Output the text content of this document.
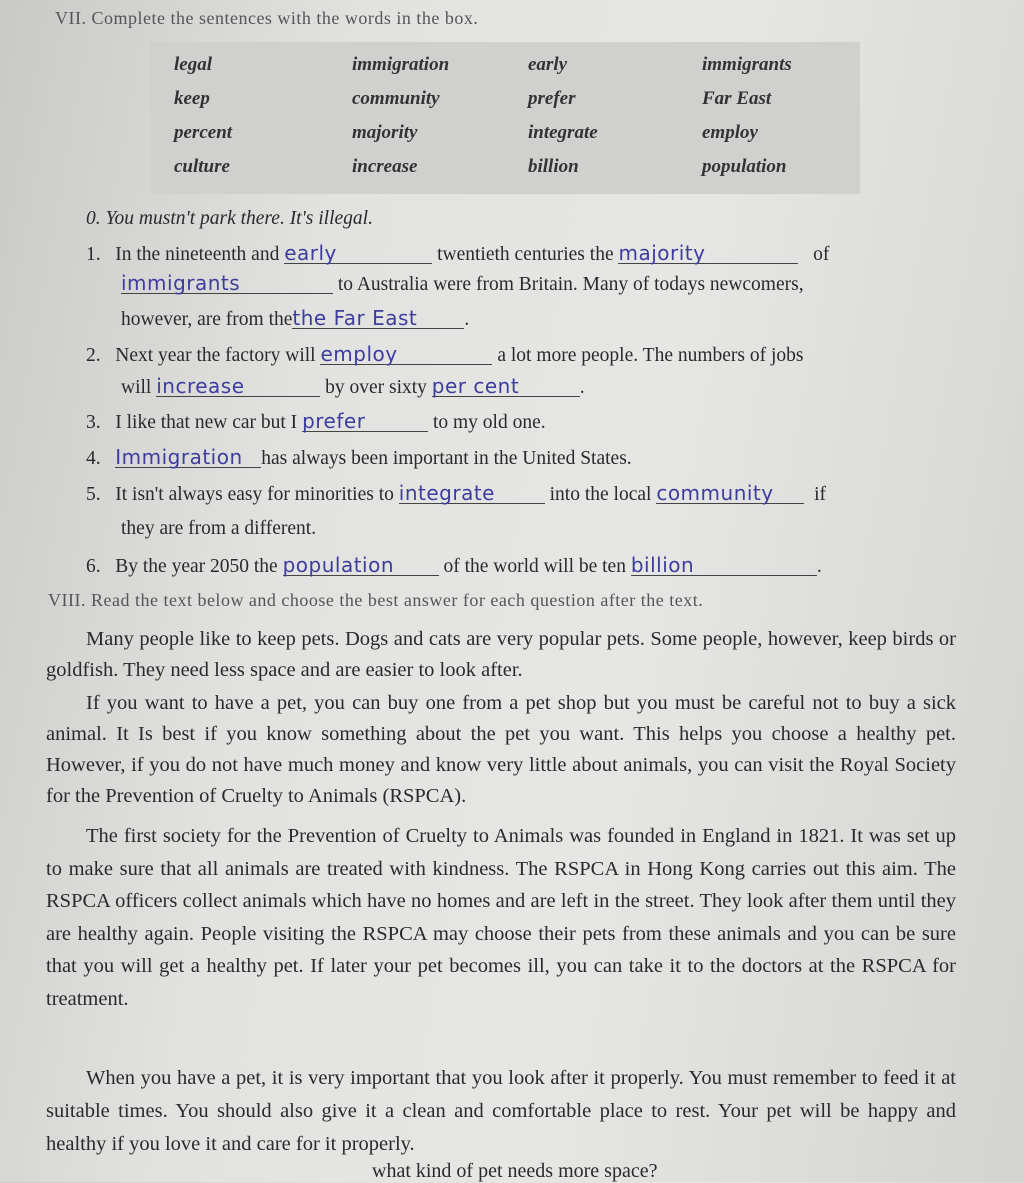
VII. Complete the sentences with the words in the box.
legal	immigration	early	immigrants
keep	community	prefer	Far East
percent	majority	integrate	employ
culture	increase	billion	population
0. You mustn't park there. It's illegal.
1. In the nineteenth and early	twentieth centuries the majority	of
immigrants	to Australia were from Britain. Many of todays newcomers,
however, are from thethe Far East .
2. Next year the factory will employ	a lot more people. The numbers of jobs
will increase	by over sixty per cent	.
3. I like that new car but I prefer	to my old one.
4. Immigration has always been important in the United States.
5. It isn't always easy for minorities to integrate	into the local community if
they are from a different.
6. By the year 2050 the population	of the world will be ten billion	.
VIII. Read the text below and choose the best answer for each question after the text.
Many people like to keep pets. Dogs and cats are very popular pets. Some people, however, keep birds or goldfish. They need less space and are easier to look after.
If you want to have a pet, you can buy one from a pet shop but you must be careful not to buy a sick animal. It Is best if you know something about the pet you want. This helps you choose a healthy pet. However, if you do not have much money and know very little about animals, you can visit the Royal Society for the Prevention of Cruelty to Animals (RSPCA).
The first society for the Prevention of Cruelty to Animals was founded in England in 1821. It was set up to make sure that all animals are treated with kindness. The RSPCA in Hong Kong carries out this aim. The RSPCA officers collect animals which have no homes and are left in the street. They look after them until they are healthy again. People visiting the RSPCA may choose their pets from these animals and you can be sure that you will get a healthy pet. If later your pet becomes ill, you can take it to the doctors at the RSPCA for treatment.
When you have a pet, it is very important that you look after it properly. You must remember to feed it at suitable times. You should also give it a clean and comfortable place to rest. Your pet will be happy and healthy if you love it and care for it properly.
what kind of pet needs more space?
